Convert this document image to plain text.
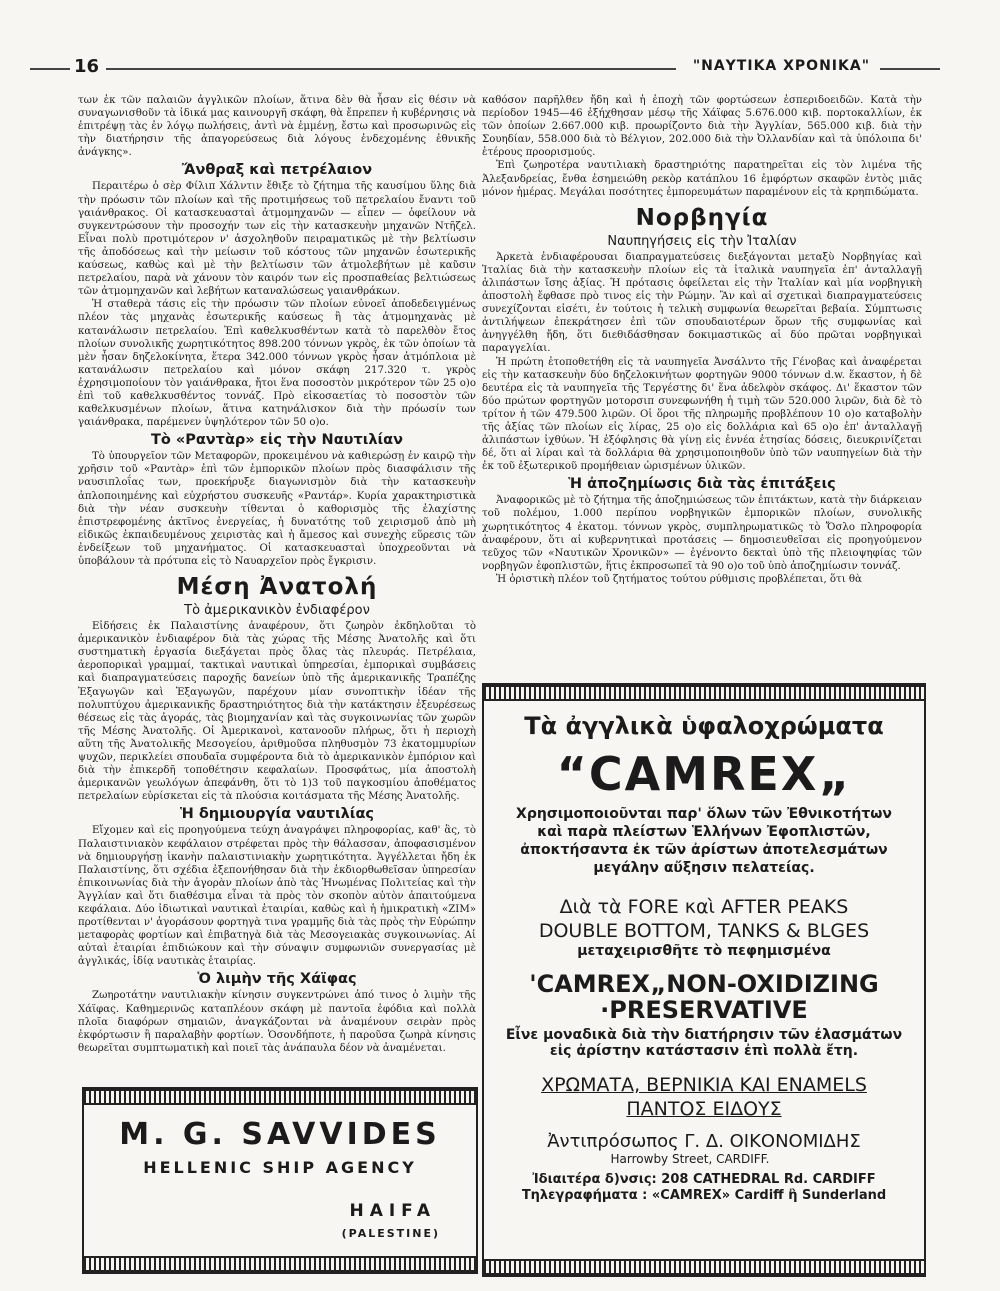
16	"ΝΑΥΤΙΚΑ ΧΡΟΝΙΚΑ"

των ἐκ τῶν παλαιῶν ἀγγλικῶν πλοίων, ἅτινα δὲν θὰ ἦσαν εἰς θέσιν νὰ συναγωνισθοῦν τὰ ἰδικά μας καινουργῆ σκάφη, θὰ ἔπρεπεν ἡ κυβέρνησις νὰ ἐπιτρέψῃ τὰς ἐν λόγῳ πωλήσεις, ἀντὶ νὰ ἐμμένῃ, ἔστω καὶ προσωρινῶς εἰς τὴν διατήρησιν τῆς ἀπαγορεύσεως διὰ λόγους ἐνδεχομένης ἐθνικῆς ἀνάγκης».

Ἄνθραξ καὶ πετρέλαιον

Περαιτέρω ὁ σὲρ Φίλιπ Χάλντιν ἔθιξε τὸ ζήτημα τῆς καυσίμου ὕλης διὰ τὴν πρόωσιν τῶν πλοίων καὶ τῆς προτιμήσεως τοῦ πετρελαίου ἔναντι τοῦ γαιάνθρακος. Οἱ κατασκευασταὶ ἀτμομηχανῶν — εἶπεν — ὀφείλουν νὰ συγκεντρώσουν τὴν προσοχήν των εἰς τὴν κατασκευὴν μηχανῶν Ντῆζελ. Εἶναι πολὺ προτιμότερον ν' ἀσχοληθοῦν πειραματικῶς μὲ τὴν βελτίωσιν τῆς ἀποδόσεως καὶ τὴν μείωσιν τοῦ κόστους τῶν μηχανῶν ἐσωτερικῆς καύσεως, καθὼς καὶ μὲ τὴν βελτίωσιν τῶν ἀτμολεβήτων μὲ καῦσιν πετρελαίου, παρὰ νὰ χάνουν τὸν καιρόν των εἰς προσπαθείας βελτιώσεως τῶν ἀτμομηχανῶν καὶ λεβήτων καταναλώσεως γαιανθράκων.

Ἡ σταθερὰ τάσις εἰς τὴν πρόωσιν τῶν πλοίων εὐνοεῖ ἀποδεδειγμένως πλέον τὰς μηχανὰς ἐσωτερικῆς καύσεως ἢ τὰς ἀτμομηχανὰς μὲ κατανάλωσιν πετρελαίου. Ἐπὶ καθελκυσθέντων κατὰ τὸ παρελθὸν ἔτος πλοίων συνολικῆς χωρητικότητος 898.200 τόννων γκρὸς, ἐκ τῶν ὁποίων τὰ μὲν ἦσαν δηζελοκίνητα, ἕτερα 342.000 τόννων γκρὸς ἦσαν ἀτμόπλοια μὲ κατανάλωσιν πετρελαίου καὶ μόνον σκάφη 217.320 τ. γκρὸς ἐχρησιμοποίουν τὸν γαιάνθρακα, ἤτοι ἕνα ποσοστὸν μικρότερον τῶν 25 ο)ο ἐπὶ τοῦ καθελκυσθέντος τοννάζ. Πρὸ εἰκοσαετίας τὸ ποσοστὸν τῶν καθελκυσμένων πλοίων, ἅτινα κατηνάλισκον διὰ τὴν πρόωσίν των γαιάνθρακα, παρέμενεν ὑψηλότερον τῶν 50 ο)ο.

Τὸ «Ραντὰρ» εἰς τὴν Ναυτιλίαν

Τὸ ὑπουργεῖον τῶν Μεταφορῶν, προκειμένου νὰ καθιερώσῃ ἐν καιρῷ τὴν χρῆσιν τοῦ «Ραντὰρ» ἐπὶ τῶν ἐμπορικῶν πλοίων πρὸς διασφάλισιν τῆς ναυσιπλοΐας των, προεκήρυξε διαγωνισμὸν διὰ τὴν κατασκευὴν ἀπλοποιημένης καὶ εὐχρήστου συσκευῆς «Ραντάρ». Κυρία χαρακτηριστικὰ διὰ τὴν νέαν συσκευὴν τίθενται ὁ καθορισμὸς τῆς ἐλαχίστης ἐπιστρεφομένης ἀκτῖνος ἐνεργείας, ἡ δυνατότης τοῦ χειρισμοῦ ἀπὸ μὴ εἰδικῶς ἐκπαιδευμένους χειριστὰς καὶ ἡ ἄμεσος καὶ συνεχὴς εὕρεσις τῶν ἐνδείξεων τοῦ μηχανήματος. Οἱ κατασκευασταὶ ὑποχρεοῦνται νὰ ὑποβάλουν τὰ πρότυπα εἰς τὸ Ναυαρχεῖον πρὸς ἔγκρισιν.

Μέση Ἀνατολή
Τὸ ἀμερικανικὸν ἐνδιαφέρον

Εἰδήσεις ἐκ Παλαιστίνης ἀναφέρουν, ὅτι ζωηρὸν ἐκδηλοῦται τὸ ἀμερικανικὸν ἐνδιαφέρον διὰ τὰς χώρας τῆς Μέσης Ἀνατολῆς καὶ ὅτι συστηματικὴ ἐργασία διεξάγεται πρὸς ὅλας τὰς πλευράς. Πετρέλαια, ἀεροπορικαὶ γραμμαί, τακτικαὶ ναυτικαὶ ὑπηρεσίαι, ἐμπορικαὶ συμβάσεις καὶ διαπραγματεύσεις παροχῆς δανείων ὑπὸ τῆς ἀμερικανικῆς Τραπέζης Ἐξαγωγῶν καὶ Ἐξαγωγῶν, παρέχουν μίαν συνοπτικὴν ἰδέαν τῆς πολυπτύχου ἀμερικανικῆς δραστηριότητος διὰ τὴν κατάκτησιν ἐξευρέσεως θέσεως εἰς τὰς ἀγοράς, τὰς βιομηχανίαν καὶ τὰς συγκοινωνίας τῶν χωρῶν τῆς Μέσης Ἀνατολῆς. Οἱ Ἀμερικανοὶ, κατανοοῦν πλήρως, ὅτι ἡ περιοχὴ αὕτη τῆς Ἀνατολικῆς Μεσογείου, ἀριθμοῦσα πληθυσμὸν 73 ἑκατομμυρίων ψυχῶν, περικλείει σπουδαῖα συμφέροντα διὰ τὸ ἀμερικανικὸν ἐμπόριον καὶ διὰ τὴν ἐπικερδῆ τοποθέτησιν κεφαλαίων. Προσφάτως, μία ἀποστολὴ ἀμερικανῶν γεωλόγων ἀπεφάνθη, ὅτι τὸ 1)3 τοῦ παγκοσμίου ἀποθέματος πετρελαίων εὑρίσκεται εἰς τὰ πλούσια κοιτάσματα τῆς Μέσης Ἀνατολῆς.

Ἡ δημιουργία ναυτιλίας

Εἴχομεν καὶ εἰς προηγούμενα τεύχη ἀναγράψει πληροφορίας, καθ' ἃς, τὸ Παλαιστινιακὸν κεφάλαιον στρέφεται πρὸς τὴν θάλασσαν, ἀποφασισμένον νὰ δημιουργήσῃ ἱκανὴν παλαιστινιακὴν χωρητικότητα. Ἀγγέλλεται ἤδη ἐκ Παλαιστίνης, ὅτι σχέδια ἐξεπονήθησαν διὰ τὴν ἐκδιορθωθεῖσαν ὑπηρεσίαν ἐπικοινωνίας διὰ τὴν ἀγορὰν πλοίων ἀπὸ τὰς Ἡνωμένας Πολιτείας καὶ τὴν Ἀγγλίαν καὶ ὅτι διαθέσιμα εἶναι τὰ πρὸς τὸν σκοπὸν αὐτὸν ἀπαιτούμενα κεφάλαια. Δύο ἰδιωτικαὶ ναυτικαὶ ἑταιρίαι, καθὼς καὶ ἡ ἡμικρατικὴ «ΖΙΜ» προτίθενται ν' ἀγοράσουν φορτηγὰ τινα γραμμῆς διὰ τὰς πρὸς τὴν Εὐρώπην μεταφορὰς φορτίων καὶ ἐπιβατηγὰ διὰ τὰς Μεσογειακὰς συγκοινωνίας. Αἱ αὐταὶ ἑταιρίαι ἐπιδιώκουν καὶ τὴν σύναψιν συμφωνιῶν συνεργασίας μὲ ἀγγλικάς, ἰδίᾳ ναυτικὰς ἑταιρίας.

Ὁ λιμὴν τῆς Χάϊφας

Ζωηροτάτην ναυτιλιακὴν κίνησιν συγκεντρώνει ἀπό τινος ὁ λιμὴν τῆς Χάϊφας. Καθημερινῶς καταπλέουν σκάφη μὲ παντοῖα ἐφόδια καὶ πολλὰ πλοῖα διαφόρων σημαιῶν, ἀναγκάζονται νὰ ἀναμένουν σειρὰν πρὸς ἐκφόρτωσιν ἢ παραλαβὴν φορτίων. Ὁσονδήποτε, ἡ παροῦσα ζωηρὰ κίνησις θεωρεῖται συμπτωματικὴ καὶ ποιεῖ τὰς ἀνάπαυλα δέον νὰ ἀναμένεται.

καθόσον παρῆλθεν ἤδη καὶ ἡ ἐποχὴ τῶν φορτώσεων ἐσπεριδοειδῶν. Κατὰ τὴν περίοδον 1945—46 ἐξήχθησαν μέσῳ τῆς Χάϊφας 5.676.000 κιβ. πορτοκαλλίων, ἐκ τῶν ὁποίων 2.667.000 κιβ. προωρίζοντο διὰ τὴν Ἀγγλίαν, 565.000 κιβ. διὰ τὴν Σουηδίαν, 558.000 διὰ τὸ Βέλγιον, 202.000 διὰ τὴν Ὀλλανδίαν καὶ τὰ ὑπόλοιπα δι' ἑτέρους προορισμούς.

Ἐπὶ ζωηροτέρα ναυτιλιακὴ δραστηριότης παρατηρεῖται εἰς τὸν λιμένα τῆς Ἀλεξανδρείας, ἔνθα ἐσημειώθη ρεκὸρ κατάπλου 16 ἐμφόρτων σκαφῶν ἐντὸς μιᾶς μόνον ἡμέρας. Μεγάλαι ποσότητες ἐμπορευμάτων παραμένουν εἰς τὰ κρηπιδώματα.

Νορβηγία
Ναυπηγήσεις εἰς τὴν Ἰταλίαν

Ἀρκετὰ ἐνδιαφέρουσαι διαπραγματεύσεις διεξάγονται μεταξὺ Νορβηγίας καὶ Ἰταλίας διὰ τὴν κατασκευὴν πλοίων εἰς τὰ ἰταλικὰ ναυπηγεῖα ἐπ' ἀνταλλαγῇ ἁλιπάστων ἴσης ἀξίας. Ἡ πρότασις ὀφείλεται εἰς τὴν Ἰταλίαν καὶ μία νορβηγικὴ ἀποστολὴ ἔφθασε πρὸ τινος εἰς τὴν Ρώμην. Ἂν καὶ αἱ σχετικαὶ διαπραγματεύσεις συνεχίζονται εἰσέτι, ἐν τούτοις ἡ τελικὴ συμφωνία θεωρεῖται βεβαία. Σύμπτωσις ἀντιλήψεων ἐπεκράτησεν ἐπὶ τῶν σπουδαιοτέρων ὅρων τῆς συμφωνίας καὶ ἀνηγγέλθη ἤδη, ὅτι διεθιδάσθησαν δοκιμαστικῶς αἱ δύο πρῶται νορβηγικαὶ παραγγελίαι.

Ἡ πρώτη ἐτοποθετήθη εἰς τὰ ναυπηγεῖα Ἀνσάλντο τῆς Γένοβας καὶ ἀναφέρεται εἰς τὴν κατασκευὴν δύο δηζελοκινήτων φορτηγῶν 9000 τόννων d.w. ἕκαστον, ἡ δὲ δευτέρα εἰς τὰ ναυπηγεῖα τῆς Τεργέστης δι' ἕνα ἀδελφὸν σκάφος. Δι' ἕκαστον τῶν δύο πρώτων φορτηγῶν μοτορσιπ συνεφωνήθη ἡ τιμὴ τῶν 520.000 λιρῶν, διὰ δὲ τὸ τρίτον ἡ τῶν 479.500 λιρῶν. Οἱ ὅροι τῆς πληρωμῆς προβλέπουν 10 ο)ο καταβολὴν τῆς ἀξίας τῶν πλοίων εἰς λίρας, 25 ο)ο εἰς δολλάρια καὶ 65 ο)ο ἐπ' ἀνταλλαγῇ ἁλιπάστων ἰχθύων. Ἡ ἐξόφλησις θὰ γίνῃ εἰς ἐννέα ἐτησίας δόσεις, διευκρινίζεται δέ, ὅτι αἱ λίραι καὶ τὰ δολλάρια θὰ χρησιμοποιηθοῦν ὑπὸ τῶν ναυπηγείων διὰ τὴν ἐκ τοῦ ἐξωτερικοῦ προμήθειαν ὡρισμένων ὑλικῶν.

Ἡ ἀποζημίωσις διὰ τὰς ἐπιτάξεις

Ἀναφορικῶς μὲ τὸ ζήτημα τῆς ἀποζημιώσεως τῶν ἐπιτάκτων, κατὰ τὴν διάρκειαν τοῦ πολέμου, 1.000 περίπου νορβηγικῶν ἐμπορικῶν πλοίων, συνολικῆς χωρητικότητος 4 ἑκατομ. τόννων γκρὸς, συμπληρωματικῶς τὸ Ὄσλο πληροφορία ἀναφέρουν, ὅτι αἱ κυβερνητικαὶ προτάσεις — δημοσιευθεῖσαι εἰς προηγούμενον τεῦχος τῶν «Ναυτικῶν Χρονικῶν» — ἐγένοντο δεκταὶ ὑπὸ τῆς πλειοψηφίας τῶν νορβηγῶν ἐφοπλιστῶν, ἥτις ἐκπροσωπεῖ τὰ 90 ο)ο τοῦ ὑπὸ ἀποζημίωσιν τοννάζ.

Ἡ ὁριστικὴ πλέον τοῦ ζητήματος τούτου ρύθμισις προβλέπεται, ὅτι θὰ

M. G. SAVVIDES
HELLENIC SHIP AGENCY
HAIFA
(PALESTINE)
Τὰ ἀγγλικὰ ὑφαλοχρώματα
“CAMREX„
Χρησιμοποιοῦνται παρ' ὅλων τῶν Ἐθνικοτήτων καὶ παρὰ πλείστων Ἑλλήνων Ἐφοπλιστῶν, ἀποκτήσαντα ἐκ τῶν ἀρίστων ἀποτελεσμάτων μεγάλην αὔξησιν πελατείας.
Διὰ τὰ FORE καὶ AFTER PEAKS
DOUBLE BOTTOM, TANKS & BLGES
μεταχειρισθῆτε τὸ πεφημισμένα
'CAMREX„NON-OXIDIZING
·PRESERVATIVE
Εἶνε μοναδικὰ διὰ τὴν διατήρησιν τῶν ἐλασμάτων εἰς ἀρίστην κατάστασιν ἐπὶ πολλὰ ἔτη.
ΧΡΩΜΑΤΑ, ΒΕΡΝΙΚΙΑ ΚΑΙ ENAMELS
ΠΑΝΤΟΣ ΕΙΔΟΥΣ
Ἀντιπρόσωπος Γ. Δ. ΟΙΚΟΝΟΜΙΔΗΣ
Harrowby Street, CARDIFF.
Ἰδιαιτέρα δ)νσις: 208 CATHEDRAL Rd. CARDIFF
Τηλεγραφήματα : «CAMREX» Cardiff ἢ Sunderland
